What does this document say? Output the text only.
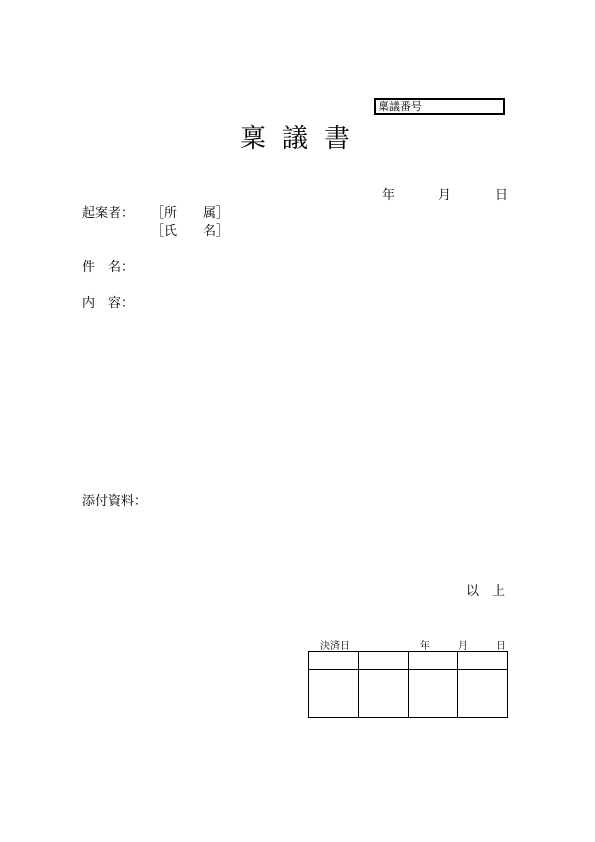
稟議番号
稟議書
年	月	日
起案者： ［所　　属］
［氏　　名］
件　名：
内　容：
添付資料：
以　上
決済日	年	月	日
